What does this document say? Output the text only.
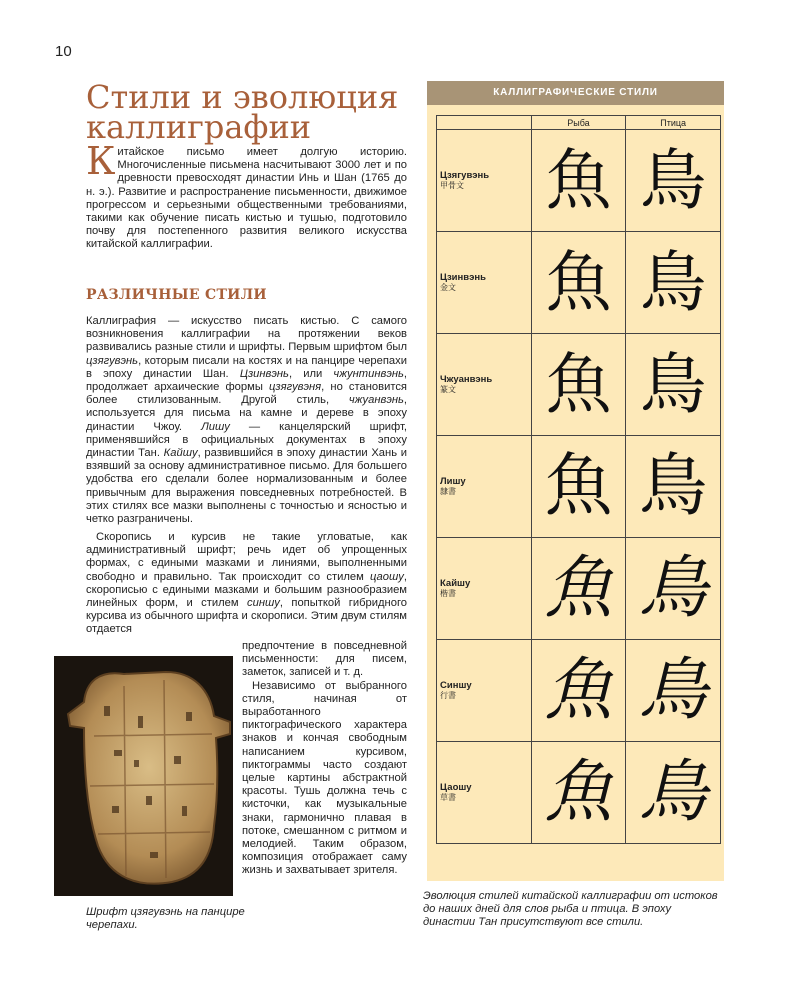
10
Стили и эволюция каллиграфии

Китайское письмо имеет долгую историю. Многочисленные письмена насчитывают 3000 лет и по древности превосходят династии Инь и Шан (1765 до н. э.). Развитие и распространение письменности, движимое прогрессом и серьезными общественными требованиями, такими как обучение писать кистью и тушью, подготовило почву для постепенного развития великого искусства китайской каллиграфии.

РАЗЛИЧНЫЕ СТИЛИ

Каллиграфия — искусство писать кистью. С самого возникновения каллиграфии на протяжении веков развивались разные стили и шрифты. Первым шрифтом был цзягувэнь, которым писали на костях и на панцире черепахи в эпоху династии Шан. Цзинвэнь, или чжунтинвэнь, продолжает архаические формы цзягувэня, но становится более стилизованным. Другой стиль, чжуанвэнь, используется для письма на камне и дереве в эпоху династии Чжоу. Лишу — канцелярский шрифт, применявшийся в официальных документах в эпоху династии Тан. Кайшу, развившийся в эпоху династии Хань и взявший за основу административное письмо. Для большего удобства его сделали более нормализованным и более привычным для выражения повседневных потребностей. В этих стилях все мазки выполнены с точностью и ясностью и четко разграничены.

Скоропись и курсив не такие угловатые, как административный шрифт; речь идет об упрощенных формах, с едиными мазками и линиями, выполненными свободно и правильно. Так происходит со стилем цаошу, скорописью с едиными мазками и большим разнообразием линейных форм, и стилем синшу, попыткой гибридного курсива из обычного шрифта и скорописи. Этим двум стилям отдается

предпочтение в повседневной письменности: для писем, заметок, записей и т. д.

Независимо от выбранного стиля, начиная от выработанного пиктографического характера знаков и кончая свободным написанием курсивом, пиктограммы часто создают целые картины абстрактной красоты. Тушь должна течь с кисточки, как музыкальные знаки, гармонично плавая в потоке, смешанном с ритмом и мелодией. Таким образом, композиция отображает саму жизнь и захватывает зрителя.

Шрифт цзягувэнь на панцире черепахи.
КАЛЛИГРАФИЧЕСКИЕ СТИЛИ
	Рыба	Птица

Цзягувэнь
甲骨文	魚	鳥

Цзинвэнь
金文	魚	鳥

Чжуанвэнь
篆文	魚	鳥

Лишу
隸書	魚	鳥

Кайшу
楷書	魚	鳥

Синшу
行書	魚	鳥

Цаошу
草書	魚	鳥
Эволюция стилей китайской каллиграфии от истоков до наших дней для слов рыба и птица. В эпоху династии Тан присутствуют все стили.
